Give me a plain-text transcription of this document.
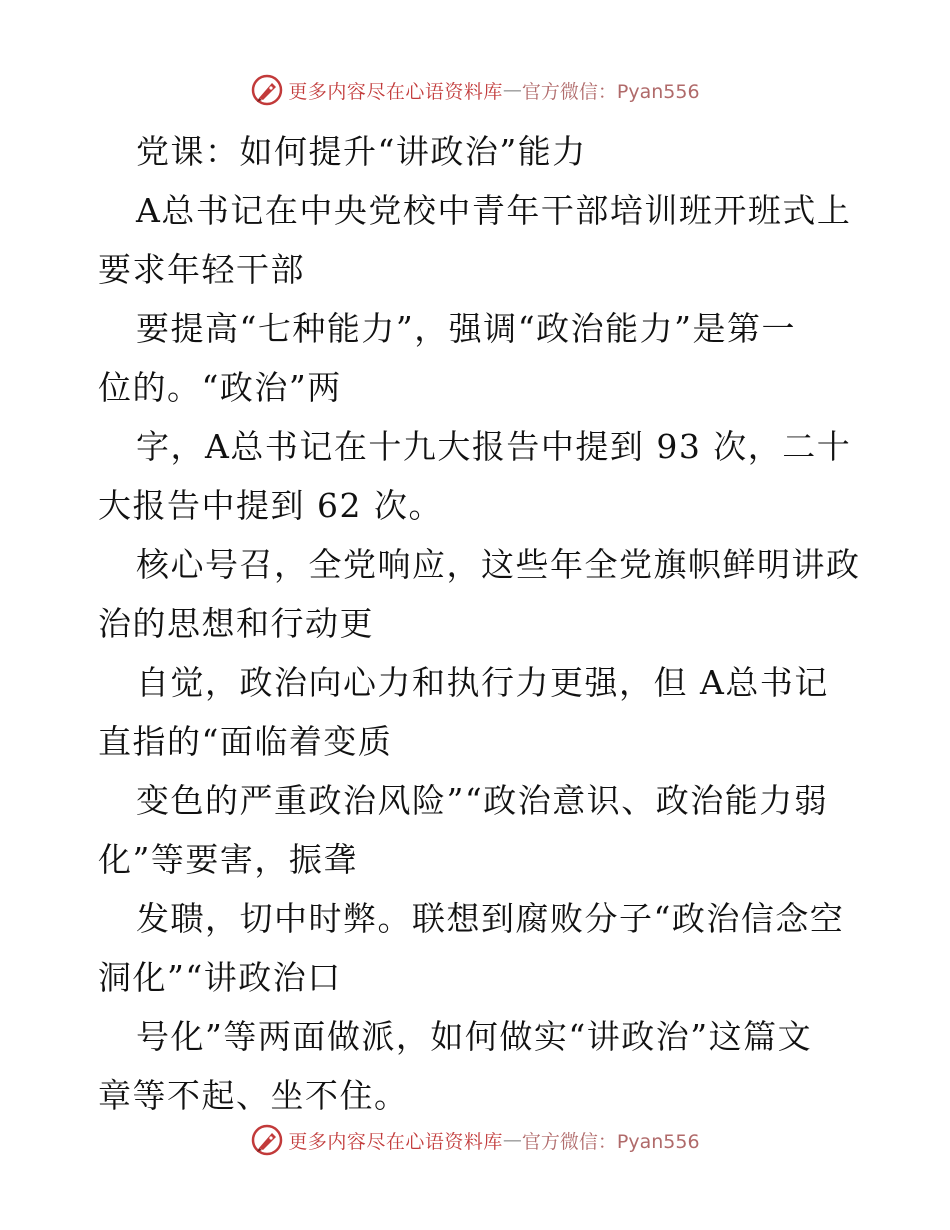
更多内容尽在心语资料库 — 官方微信：Pyan556
党课：如何提升“讲政治”能力
A总书记在中央党校中青年干部培训班开班式上
要求年轻干部
要提高“七种能力”，强调“政治能力”是第一
位的。“政治”两
字，A总书记在十九大报告中提到 93 次，二十
大报告中提到 62 次。
核心号召，全党响应，这些年全党旗帜鲜明讲政
治的思想和行动更
自觉，政治向心力和执行力更强，但 A总书记
直指的“面临着变质
变色的严重政治风险”“政治意识、政治能力弱
化”等要害，振聋
发聩，切中时弊。联想到腐败分子“政治信念空
洞化”“讲政治口
号化”等两面做派，如何做实“讲政治”这篇文
章等不起、坐不住。
更多内容尽在心语资料库 — 官方微信：Pyan556
